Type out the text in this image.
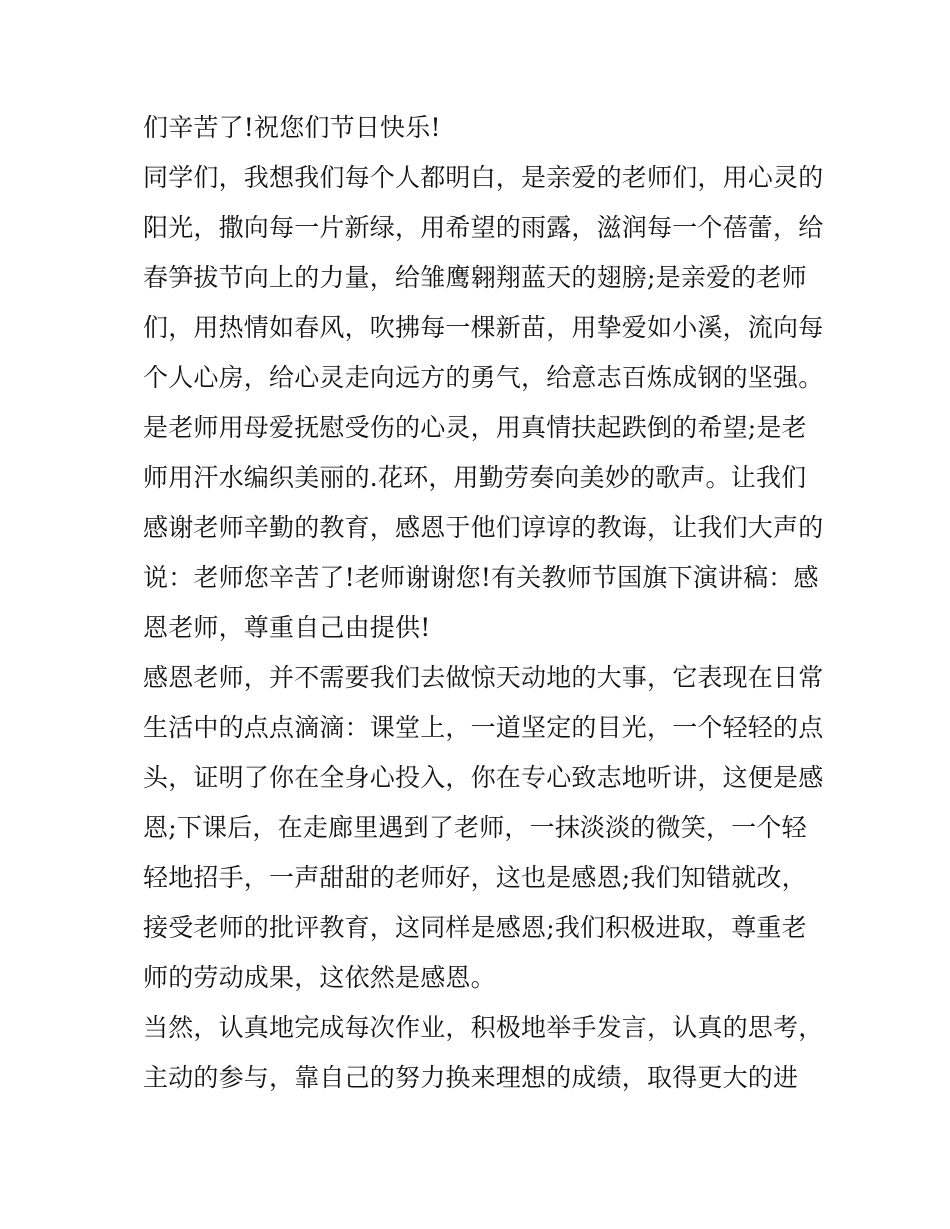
们辛苦了!祝您们节日快乐!
同学们，我想我们每个人都明白，是亲爱的老师们，用心灵的
阳光，撒向每一片新绿，用希望的雨露，滋润每一个蓓蕾，给
春笋拔节向上的力量，给雏鹰翱翔蓝天的翅膀;是亲爱的老师
们，用热情如春风，吹拂每一棵新苗，用挚爱如小溪，流向每
个人心房，给心灵走向远方的勇气，给意志百炼成钢的坚强。
是老师用母爱抚慰受伤的心灵，用真情扶起跌倒的希望;是老
师用汗水编织美丽的.花环，用勤劳奏向美妙的歌声。让我们
感谢老师辛勤的教育，感恩于他们谆谆的教诲，让我们大声的
说：老师您辛苦了!老师谢谢您!有关教师节国旗下演讲稿：感
恩老师，尊重自己由提供!
感恩老师，并不需要我们去做惊天动地的大事，它表现在日常
生活中的点点滴滴：课堂上，一道坚定的目光，一个轻轻的点
头，证明了你在全身心投入，你在专心致志地听讲，这便是感
恩;下课后，在走廊里遇到了老师，一抹淡淡的微笑，一个轻
轻地招手，一声甜甜的老师好，这也是感恩;我们知错就改，
接受老师的批评教育，这同样是感恩;我们积极进取，尊重老
师的劳动成果，这依然是感恩。
当然，认真地完成每次作业，积极地举手发言，认真的思考，
主动的参与，靠自己的努力换来理想的成绩，取得更大的进
